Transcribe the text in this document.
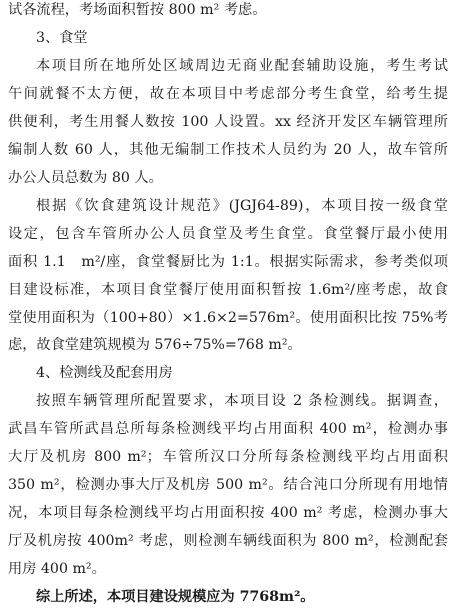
试各流程，考场面积暂按 800 m² 考虑。
3、食堂
本项目所在地所处区域周边无商业配套辅助设施，考生考试
午间就餐不太方便，故在本项目中考虑部分考生食堂，给考生提
供便利，考生用餐人数按 100 人设置。xx 经济开发区车辆管理所
编制人数 60 人，其他无编制工作技术人员约为 20 人，故车管所
办公人员总数为 80 人。
根据《饮食建筑设计规范》(JGJ64-89)，本项目按一级食堂
设定，包含车管所办公人员食堂及考生食堂。食堂餐厅最小使用
面积 1.1　m²/座，食堂餐厨比为 1:1。根据实际需求，参考类似项
目建设标准，本项目食堂餐厅使用面积暂按 1.6m²/座考虑，故食
堂使用面积为（100+80）×1.6×2=576m²。使用面积比按 75%考
虑，故食堂建筑规模为 576÷75%=768 m²。
4、检测线及配套用房
按照车辆管理所配置要求，本项目设 2 条检测线。据调查，
武昌车管所武昌总所每条检测线平均占用面积 400 m²，检测办事
大厅及机房 800 m²；车管所汉口分所每条检测线平均占用面积
350 m²，检测办事大厅及机房 500 m²。结合沌口分所现有用地情
况，本项目每条检测线平均占用面积按 400 m² 考虑，检测办事大
厅及机房按 400m² 考虑，则检测车辆线面积为 800 m²，检测配套
用房 400 m²。
综上所述，本项目建设规模应为 7768m²。
